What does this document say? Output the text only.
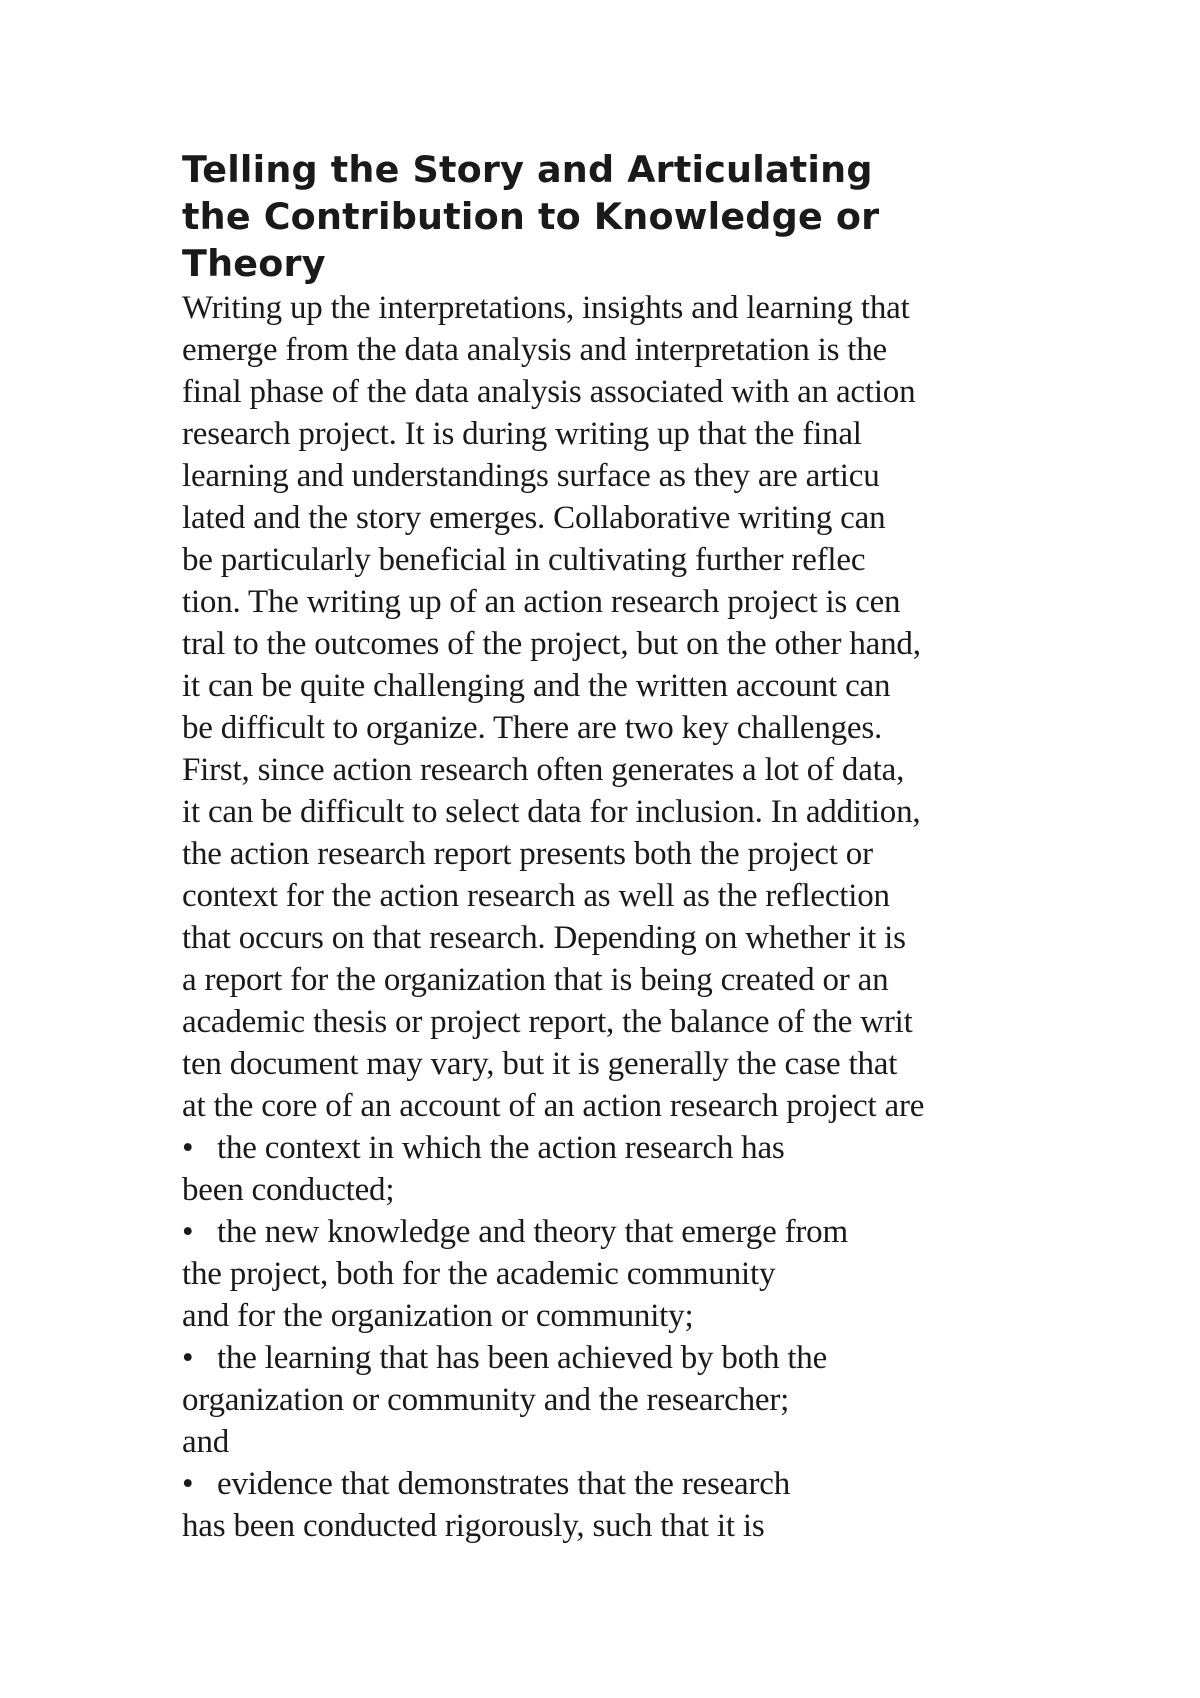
Telling the Story and Articulating
the Contribution to Knowledge or
Theory
Writing up the interpretations, insights and learning that
emerge from the data analysis and interpretation is the
final phase of the data analysis associated with an action
research project. It is during writing up that the final
learning and understandings surface as they are articu
lated and the story emerges. Collaborative writing can
be particularly beneficial in cultivating further reflec
tion. The writing up of an action research project is cen
tral to the outcomes of the project, but on the other hand,
it can be quite challenging and the written account can
be difficult to organize. There are two key challenges.
First, since action research often generates a lot of data,
it can be difficult to select data for inclusion. In addition,
the action research report presents both the project or
context for the action research as well as the reflection
that occurs on that research. Depending on whether it is
a report for the organization that is being created or an
academic thesis or project report, the balance of the writ
ten document may vary, but it is generally the case that
at the core of an account of an action research project are
• the context in which the action research has
been conducted;
• the new knowledge and theory that emerge from
the project, both for the academic community
and for the organization or community;
• the learning that has been achieved by both the
organization or community and the researcher;
and
• evidence that demonstrates that the research
has been conducted rigorously, such that it is
